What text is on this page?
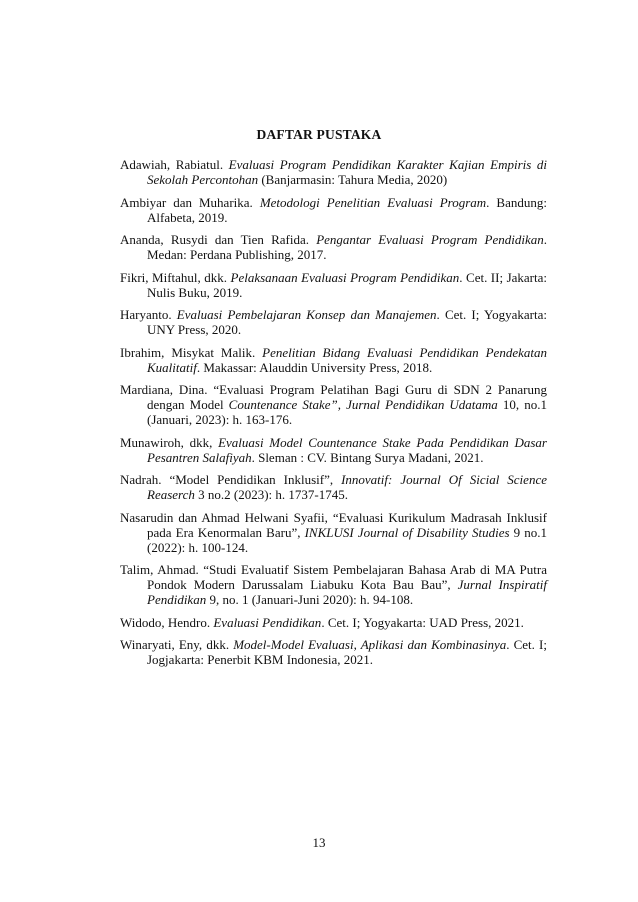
DAFTAR PUSTAKA
Adawiah, Rabiatul. Evaluasi Program Pendidikan Karakter Kajian Empiris di Sekolah Percontohan (Banjarmasin: Tahura Media, 2020)
Ambiyar dan Muharika. Metodologi Penelitian Evaluasi Program. Bandung: Alfabeta, 2019.
Ananda, Rusydi dan Tien Rafida. Pengantar Evaluasi Program Pendidikan. Medan: Perdana Publishing, 2017.
Fikri, Miftahul, dkk. Pelaksanaan Evaluasi Program Pendidikan. Cet. II; Jakarta: Nulis Buku, 2019.
Haryanto. Evaluasi Pembelajaran Konsep dan Manajemen. Cet. I; Yogyakarta: UNY Press, 2020.
Ibrahim, Misykat Malik. Penelitian Bidang Evaluasi Pendidikan Pendekatan Kualitatif. Makassar: Alauddin University Press, 2018.
Mardiana, Dina. “Evaluasi Program Pelatihan Bagi Guru di SDN 2 Panarung dengan Model Countenance Stake”, Jurnal Pendidikan Udatama 10, no.1 (Januari, 2023): h. 163-176.
Munawiroh, dkk, Evaluasi Model Countenance Stake Pada Pendidikan Dasar Pesantren Salafiyah. Sleman : CV. Bintang Surya Madani, 2021.
Nadrah. “Model Pendidikan Inklusif”, Innovatif: Journal Of Sicial Science Reaserch 3 no.2 (2023): h. 1737-1745.
Nasarudin dan Ahmad Helwani Syafii, “Evaluasi Kurikulum Madrasah Inklusif pada Era Kenormalan Baru”, INKLUSI Journal of Disability Studies 9 no.1 (2022): h. 100-124.
Talim, Ahmad. “Studi Evaluatif Sistem Pembelajaran Bahasa Arab di MA Putra Pondok Modern Darussalam Liabuku Kota Bau Bau”, Jurnal Inspiratif Pendidikan 9, no. 1 (Januari-Juni 2020): h. 94-108.
Widodo, Hendro. Evaluasi Pendidikan. Cet. I; Yogyakarta: UAD Press, 2021.
Winaryati, Eny, dkk. Model-Model Evaluasi, Aplikasi dan Kombinasinya. Cet. I; Jogjakarta: Penerbit KBM Indonesia, 2021.
13
